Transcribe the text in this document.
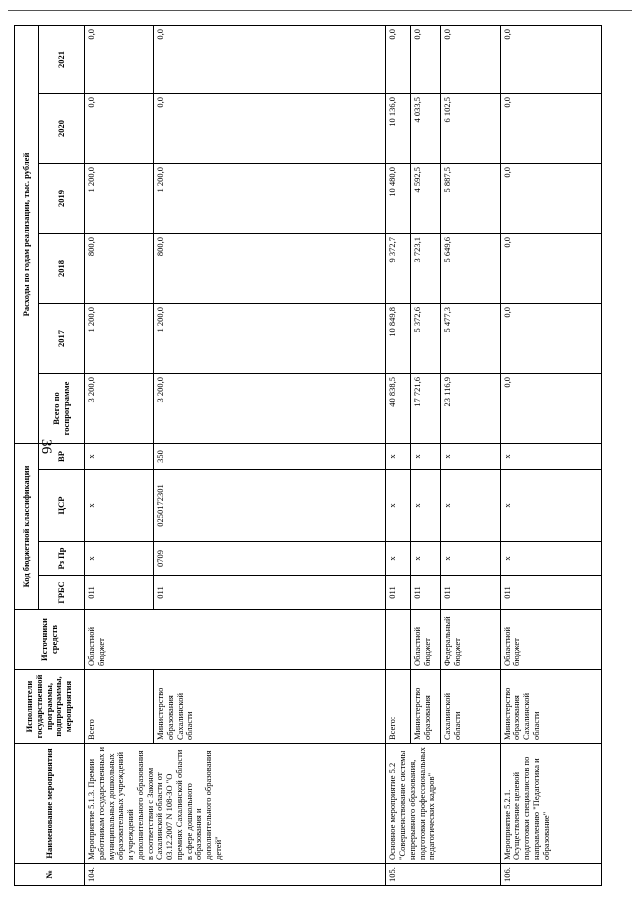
36
№	Наименование мероприятия	Исполнители государственной программы, подпрограммы, мероприятия	Источники средств	Код бюджетной классификации				Расходы по годам реализации, тыс. рублей					
				ГРБС	Рз Пр	ЦСР	ВР	Всего по госпрограмме	2017	2018	2019	2020	2021
104.	Мероприятие 5.1.3. Премии работникам государственных и муниципальных дошкольных образовательных учреждений и учреждений дополнительного образования в соответствии с Законом Сахалинской области от 03.12.2007 N 108-ЗО "О премиях Сахалинской области в сфере дошкольного образования и дополнительного образования детей"	Всего	Областной бюджет	011	x	x	x	3 200,0	1 200,0	800,0	1 200,0	0,0	0,0
		Министерство образования Сахалинской области		011	0709	0250172301	350	3 200,0	1 200,0	800,0	1 200,0	0,0	0,0
105.	Основное мероприятие 5.2 "Совершенствование системы непрерывного образования, подготовки профессиональных педагогических кадров"	Всего:		011	x	x	x	40 838,5	10 849,8	9 372,7	10 480,0	10 136,0	0,0
		Министерство образования	Областной бюджет	011	x	x	x	17 721,6	5 372,6	3 723,1	4 592,5	4 033,5	0,0
		Сахалинской области	Федеральный бюджет	011	x	x	x	23 116,9	5 477,3	5 649,6	5 887,5	6 102,5	0,0
106.	Мероприятие 5.2.1. Осуществление целевой подготовки специалистов по направлению "Педагогика и образование"	Министерство образования Сахалинской области	Областной бюджет	011	x	x	x	0,0	0,0	0,0	0,0	0,0	0,0
